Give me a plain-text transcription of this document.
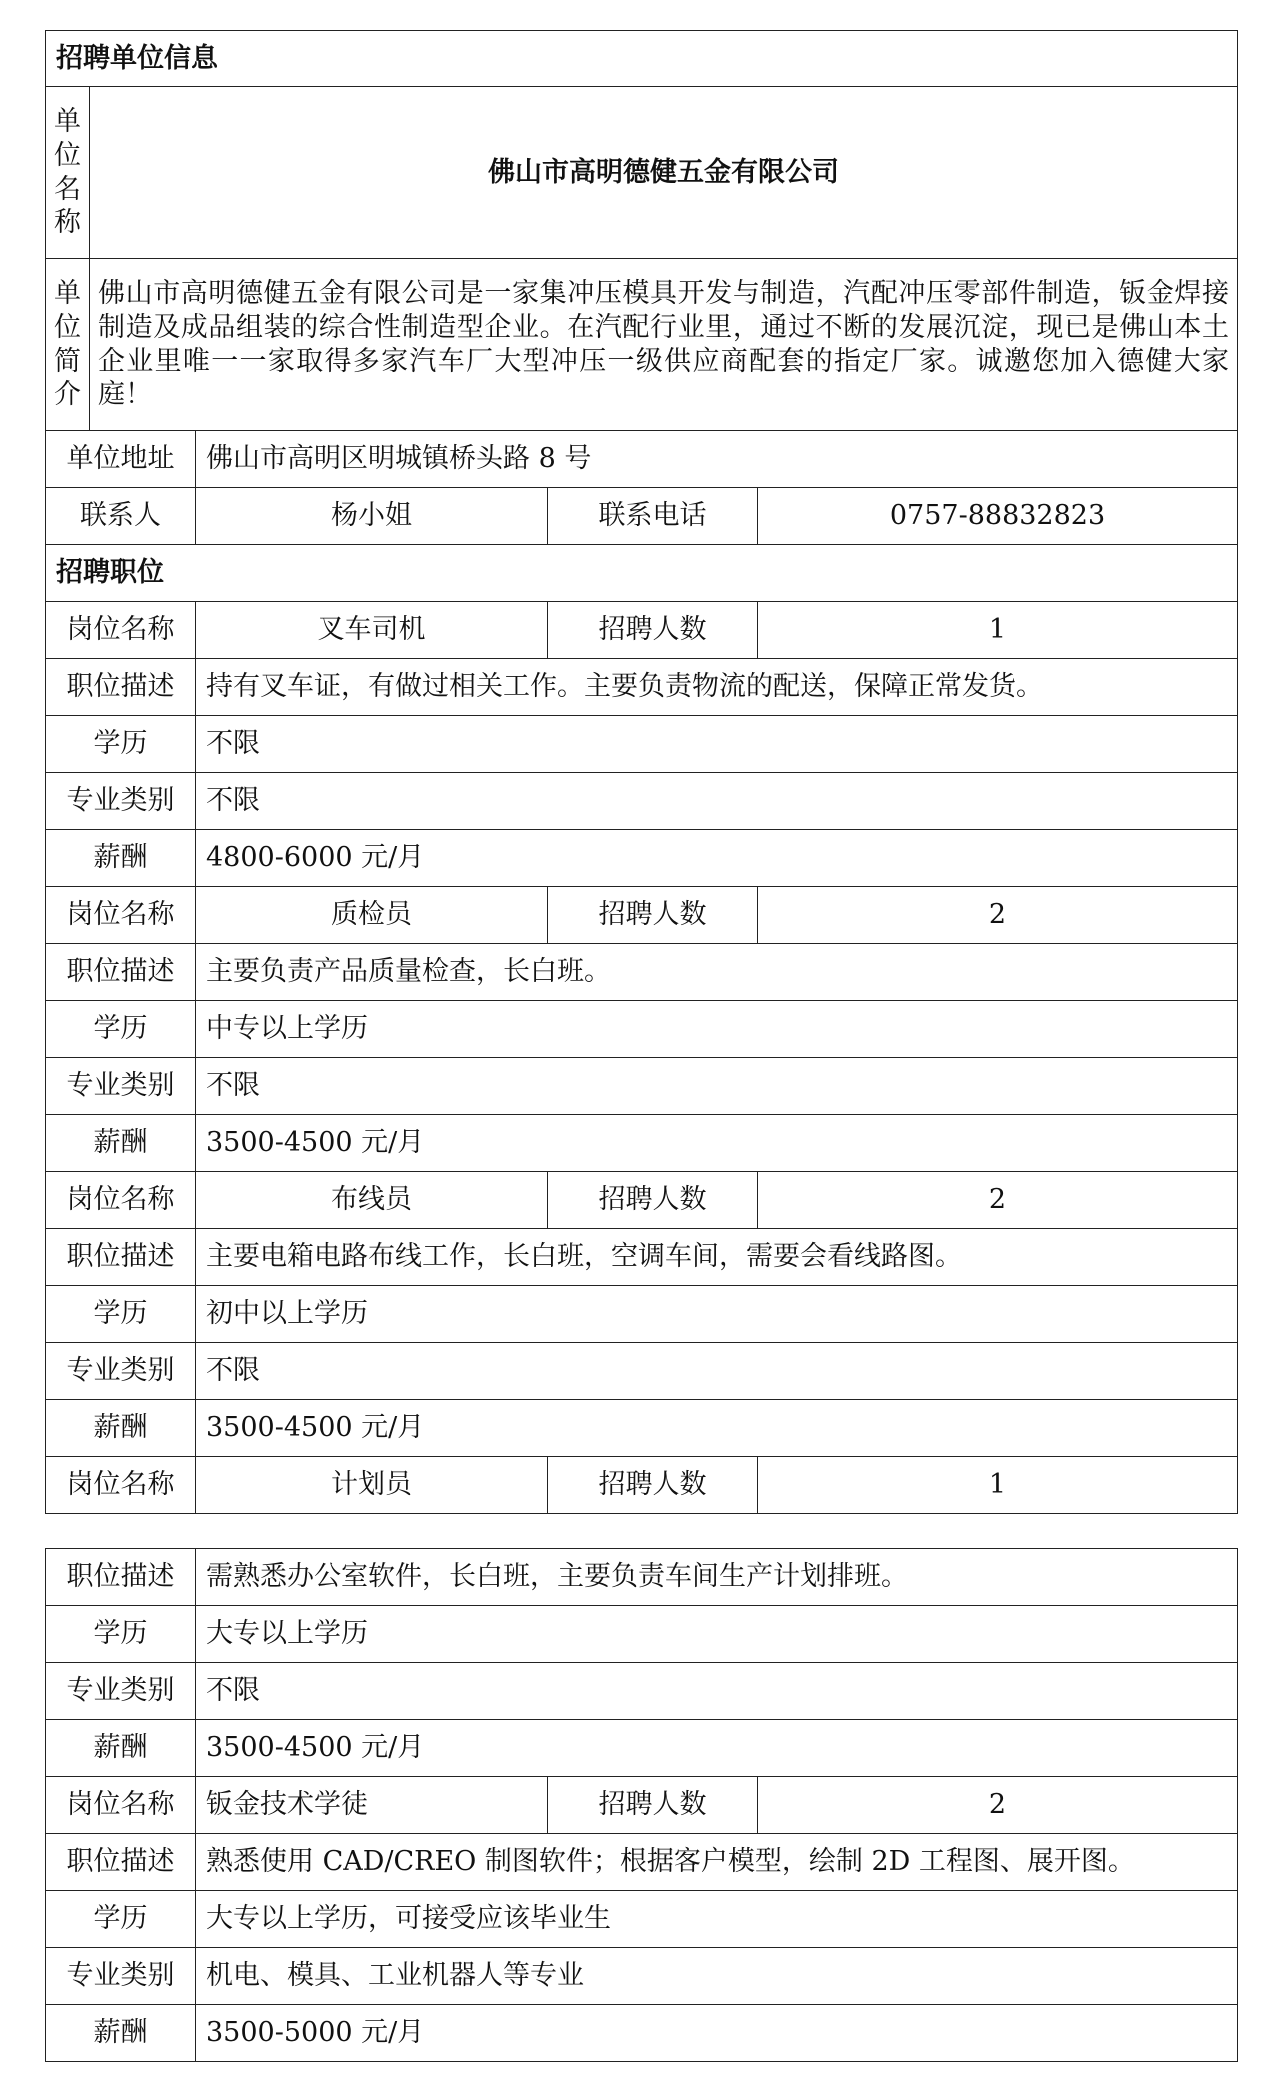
招聘单位信息				

单
位
名
称	佛山市高明德健五金有限公司			

单
位
简
介	佛山市高明德健五金有限公司是一家集冲压模具开发与制造，汽配冲压零部件制造，钣金焊接制造及成品组装的综合性制造型企业。在汽配行业里，通过不断的发展沉淀，现已是佛山本土企业里唯一一家取得多家汽车厂大型冲压一级供应商配套的指定厂家。诚邀您加入德健大家庭！			
单位地址		佛山市高明区明城镇桥头路 8 号		
联系人		杨小姐	联系电话	0757-88832823
招聘职位				
岗位名称		叉车司机	招聘人数	1
职位描述		持有叉车证，有做过相关工作。主要负责物流的配送，保障正常发货。		
学历		不限		
专业类别		不限		
薪酬		4800-6000 元/月		
岗位名称		质检员	招聘人数	2
职位描述		主要负责产品质量检查，长白班。		
学历		中专以上学历		
专业类别		不限		
薪酬		3500-4500 元/月		
岗位名称		布线员	招聘人数	2
职位描述		主要电箱电路布线工作，长白班，空调车间，需要会看线路图。		
学历		初中以上学历		
专业类别		不限		
薪酬		3500-4500 元/月		
岗位名称		计划员	招聘人数	1
职位描述	需熟悉办公室软件，长白班，主要负责车间生产计划排班。		
学历	大专以上学历		
专业类别	不限		
薪酬	3500-4500 元/月		
岗位名称	钣金技术学徒	招聘人数	2
职位描述	熟悉使用 CAD/CREO 制图软件；根据客户模型，绘制 2D 工程图、展开图。		
学历	大专以上学历，可接受应该毕业生		
专业类别	机电、模具、工业机器人等专业		
薪酬	3500-5000 元/月		
